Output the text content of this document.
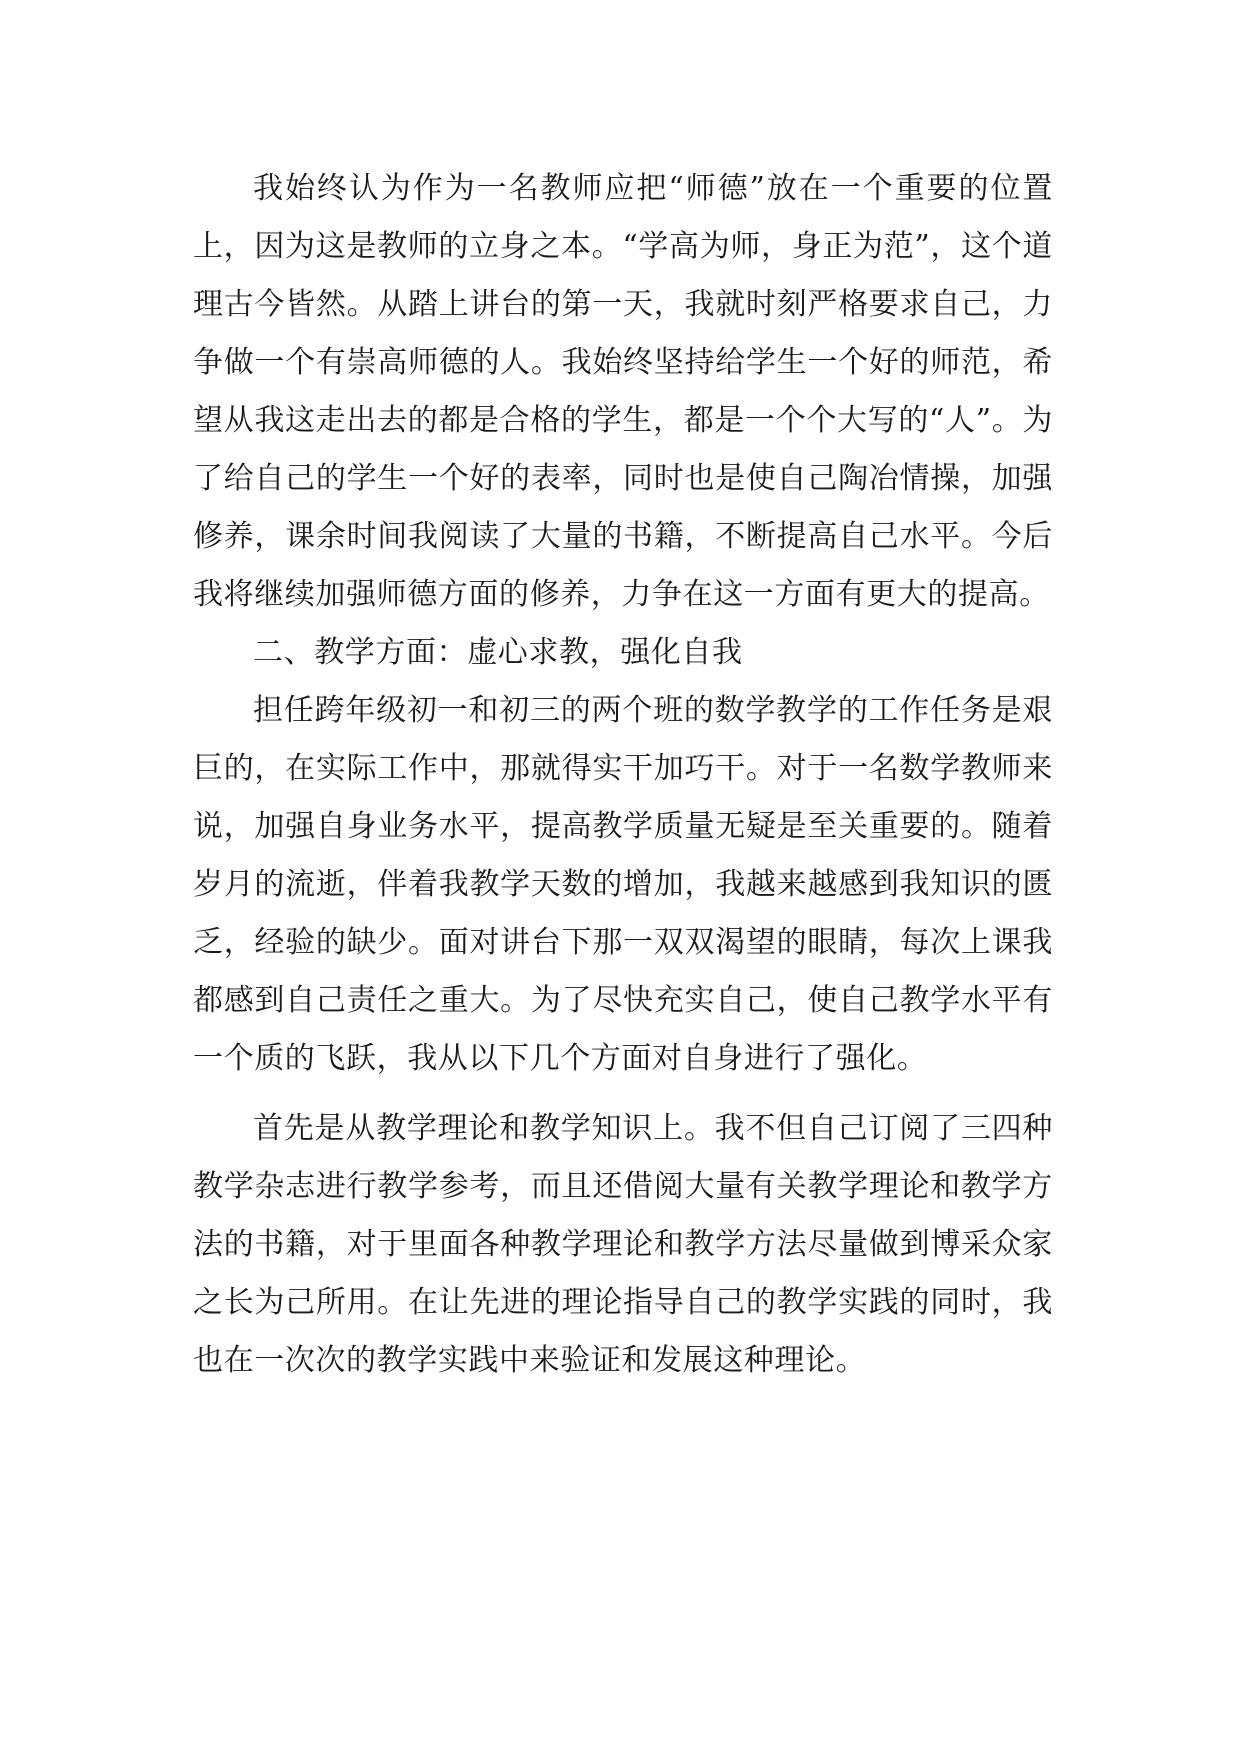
我始终认为作为一名教师应把“师德”放在一个重要的位置上，因为这是教师的立身之本。“学高为师，身正为范”，这个道理古今皆然。从踏上讲台的第一天，我就时刻严格要求自己，力争做一个有崇高师德的人。我始终坚持给学生一个好的师范，希望从我这走出去的都是合格的学生，都是一个个大写的“人”。为了给自己的学生一个好的表率，同时也是使自己陶冶情操，加强修养，课余时间我阅读了大量的书籍，不断提高自己水平。今后我将继续加强师德方面的修养，力争在这一方面有更大的提高。

二、教学方面：虚心求教，强化自我

担任跨年级初一和初三的两个班的数学教学的工作任务是艰巨的，在实际工作中，那就得实干加巧干。对于一名数学教师来说，加强自身业务水平，提高教学质量无疑是至关重要的。随着岁月的流逝，伴着我教学天数的增加，我越来越感到我知识的匮乏，经验的缺少。面对讲台下那一双双渴望的眼睛，每次上课我都感到自己责任之重大。为了尽快充实自己，使自己教学水平有一个质的飞跃，我从以下几个方面对自身进行了强化。

首先是从教学理论和教学知识上。我不但自己订阅了三四种教学杂志进行教学参考，而且还借阅大量有关教学理论和教学方法的书籍，对于里面各种教学理论和教学方法尽量做到博采众家之长为己所用。在让先进的理论指导自己的教学实践的同时，我也在一次次的教学实践中来验证和发展这种理论。
